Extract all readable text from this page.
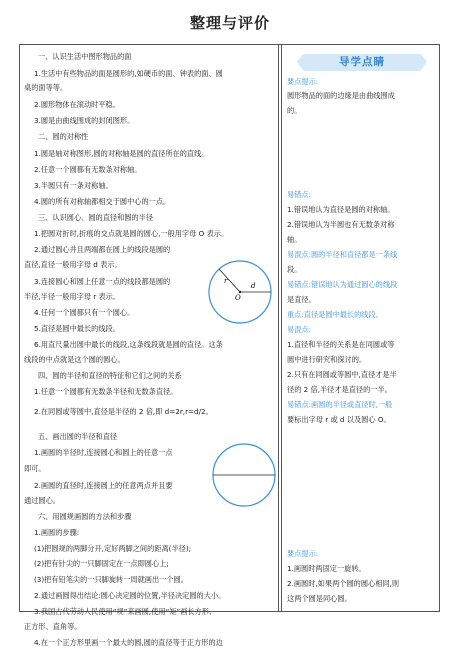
整理与评价
一、认识生活中图形物品的面
1.生活中有些物品的面是圆形的,如硬币的面、钟表的面、圆
桌的面等等。
2.圆形物体在滚动时平稳。
3.圆是由曲线围成的封闭图形。
二、圆的对称性
1.圆是轴对称图形,圆的对称轴是圆的直径所在的直线。
2.任意一个圆都有无数条对称轴。
3.半圆只有一条对称轴。
4.圆的所有对称轴都相交于圆中心的一点。
三、认识圆心、圆的直径和圆的半径
1.把圆对折时,折痕的交点就是圆的圆心,一般用字母 O 表示。
2.通过圆心并且两端都在圆上的线段是圆的
直径,直径一般用字母 d 表示。
3.连接圆心和圆上任意一点的线段都是圆的
半径,半径一般用字母 r 表示。
4.任何一个圆都只有一个圆心。
5.直径是圆中最长的线段。
6.用直尺量出圆中最长的线段,这条线段就是圆的直径。这条
线段的中点就是这个圆的圆心。
四、圆的半径和直径的特征和它们之间的关系
1.任意一个圆都有无数条半径和无数条直径。
2.在同圆或等圆中,直径是半径的 2 倍,即 d=2r,r=d/2。
五、画出圆的半径和直径
1.画圆的半径时,连接圆心和圆上的任意一点
即可。
2.画圆的直径时,连接圆上的任意两点并且要
通过圆心。
六、用圆规画圆的方法和步骤
1.画圆的步骤:
(1)把圆规的两脚分开,定好两脚之间的距离(半径);
(2)把有针尖的一只脚固定在一点即圆心上;
(3)把有铅笔尖的一只脚旋转一周就画出一个圆。
2.通过画圆得出结论:圆心决定圆的位置,半径决定圆的大小。
3.我国古代劳动人民使用“规”来画圆,使用“矩”画长方形、
正方形、直角等。
4.在一个正方形里画一个最大的圆,圆的直径等于正方形的边
r
O
d
导学点睛
要点提示:
圆形物品的面的边缘是由曲线围成
的。
易错点:
1.错误地认为直径是圆的对称轴。
2.错误地认为半圆也有无数条对称
轴。
易混点:圆的半径和直径都是一条线
段。
易错点:错误地认为通过圆心的线段
是直径。
重点:直径是圆中最长的线段。
易混点:
1.直径和半径的关系是在同圆或等
圆中进行研究和探讨的。
2.只有在同圆或等圆中,直径才是半
径的 2 倍,半径才是直径的一半。
易错点:画圆的半径或直径时,一般
要标出字母 r 或 d 以及圆心 O。
要点提示:
1.画圆时两固定一旋转。
2.画圆时,如果两个圆的圆心相同,则
这两个圆是同心圆。
